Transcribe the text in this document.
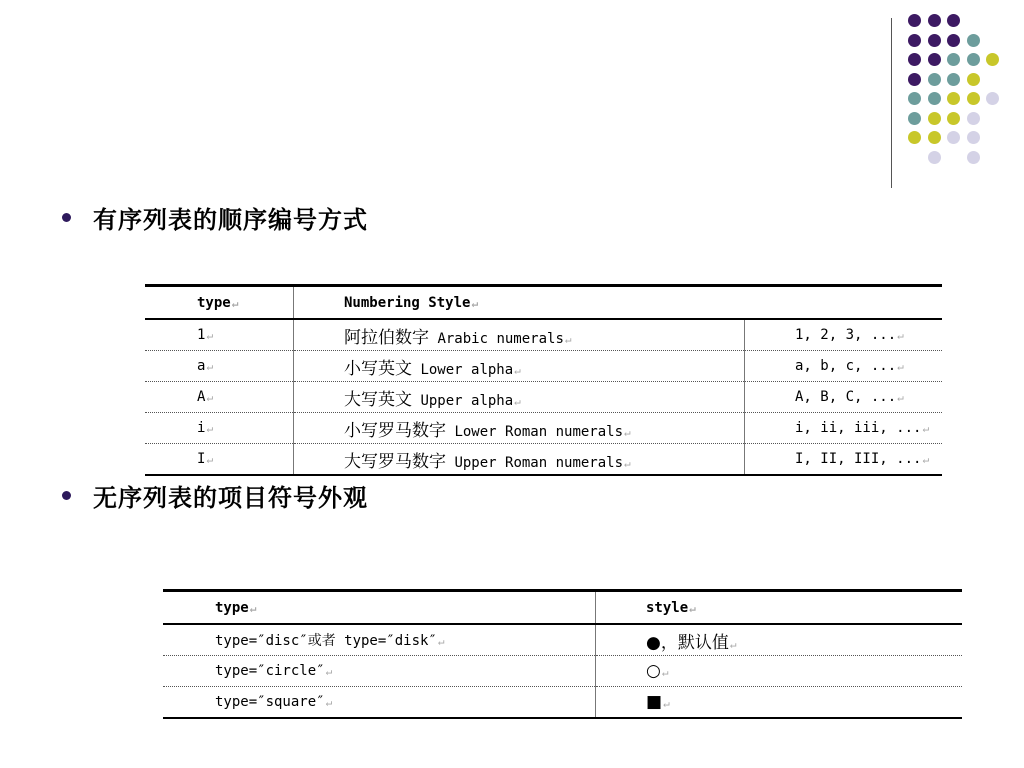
有序列表的顺序编号方式
type↵	Numbering Style↵	
1↵	阿拉伯数字 Arabic numerals↵	1, 2, 3, ...↵
a↵	小写英文 Lower alpha↵	a, b, c, ...↵
A↵	大写英文 Upper alpha↵	A, B, C, ...↵
i↵	小写罗马数字 Lower Roman numerals↵	i, ii, iii, ...↵
I↵	大写罗马数字 Upper Roman numerals↵	I, II, III, ...↵
无序列表的项目符号外观
type↵	style↵
type=″disc″或者 type=″disk″↵	●，默认值↵
type=″circle″↵	○↵
type=″square″↵	■↵
